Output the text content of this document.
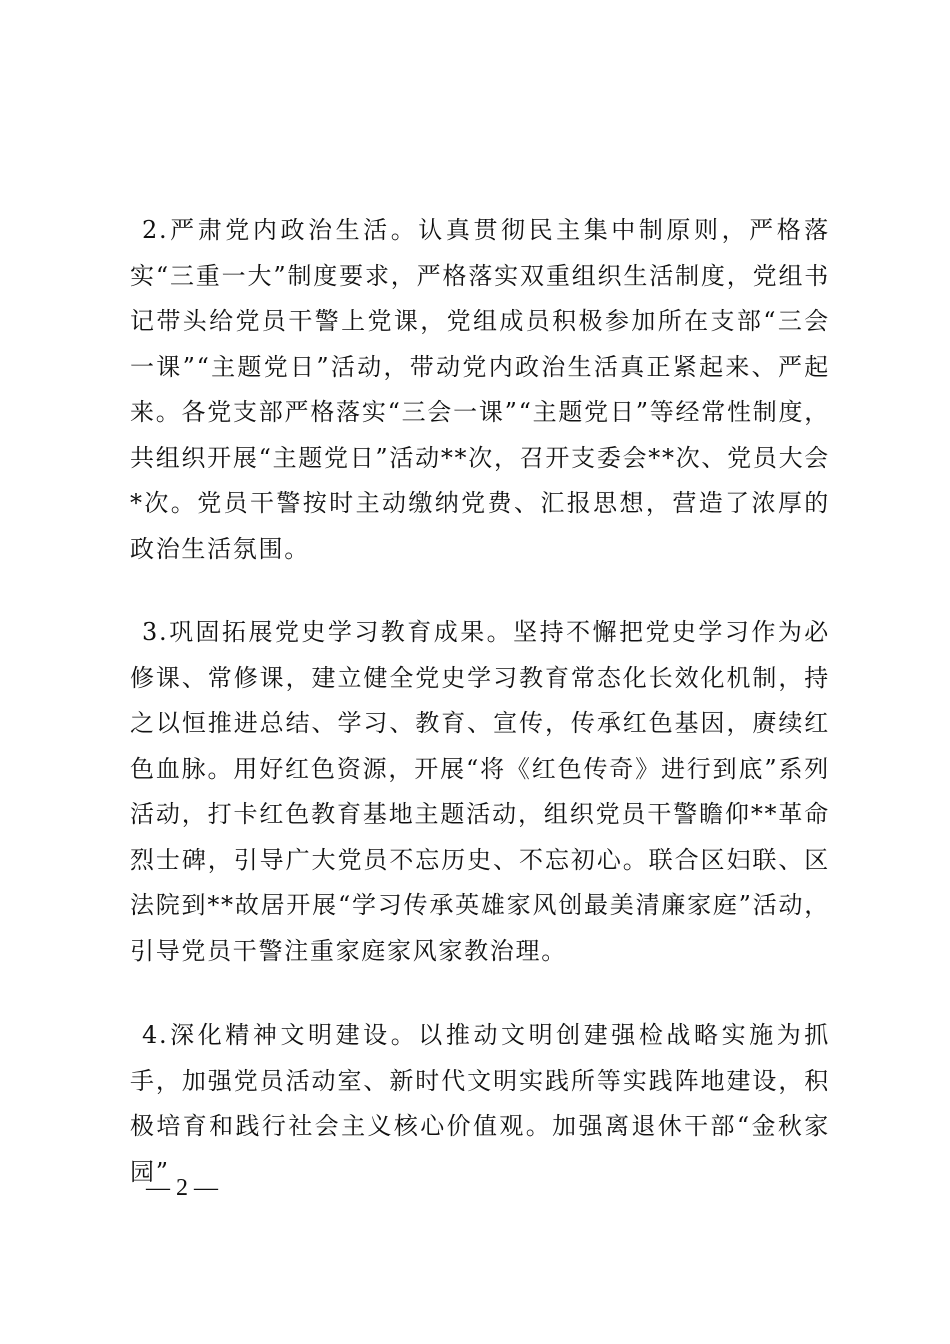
2.严肃党内政治生活。认真贯彻民主集中制原则，严格落实“三重一大”制度要求，严格落实双重组织生活制度，党组书记带头给党员干警上党课，党组成员积极参加所在支部“三会一课”“主题党日”活动，带动党内政治生活真正紧起来、严起来。各党支部严格落实“三会一课”“主题党日”等经常性制度，共组织开展“主题党日”活动**次，召开支委会**次、党员大会*次。党员干警按时主动缴纳党费、汇报思想，营造了浓厚的政治生活氛围。

3.巩固拓展党史学习教育成果。坚持不懈把党史学习作为必修课、常修课，建立健全党史学习教育常态化长效化机制，持之以恒推进总结、学习、教育、宣传，传承红色基因，赓续红色血脉。用好红色资源，开展“将《红色传奇》进行到底”系列活动，打卡红色教育基地主题活动，组织党员干警瞻仰**革命烈士碑，引导广大党员不忘历史、不忘初心。联合区妇联、区法院到**故居开展“学习传承英雄家风创最美清廉家庭”活动，引导党员干警注重家庭家风家教治理。

4.深化精神文明建设。以推动文明创建强检战略实施为抓手，加强党员活动室、新时代文明实践所等实践阵地建设，积极培育和践行社会主义核心价值观。加强离退休干部“金秋家园”

— 2 —
